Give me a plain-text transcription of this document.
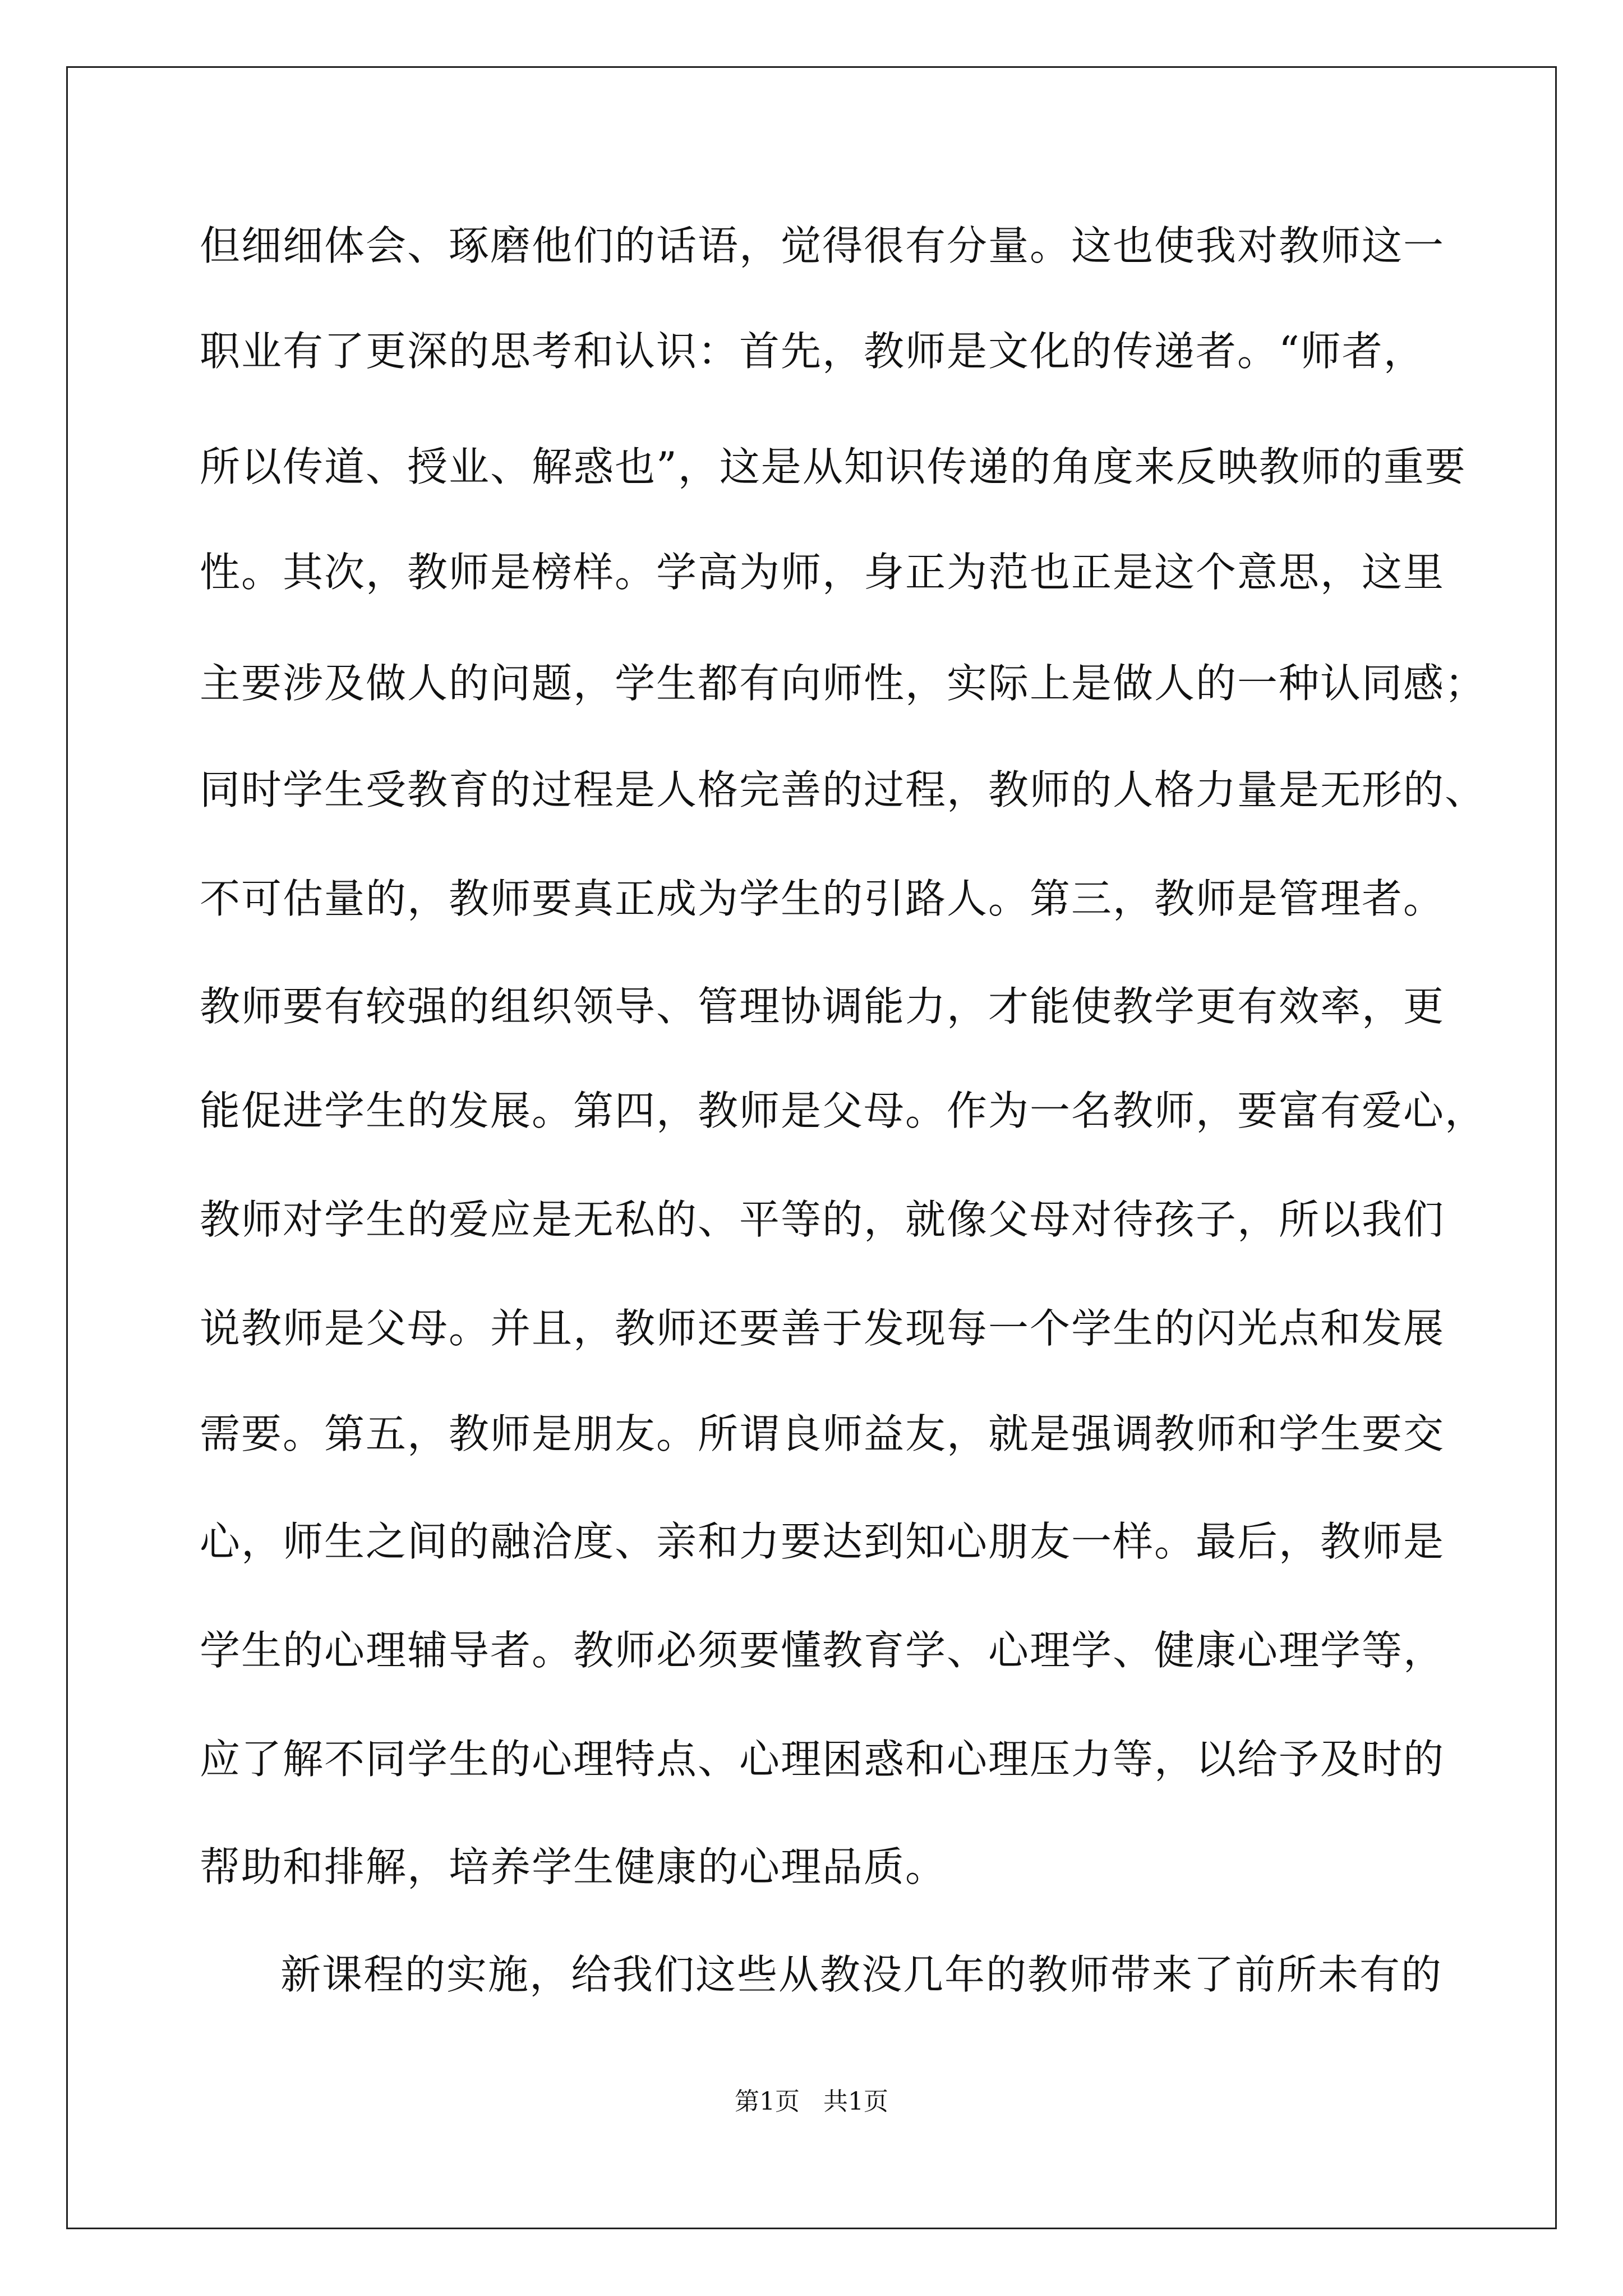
但细细体会、琢磨他们的话语，觉得很有分量。这也使我对教师这一
职业有了更深的思考和认识：首先，教师是文化的传递者。“师者，
所以传道、授业、解惑也”，这是从知识传递的角度来反映教师的重要
性。其次，教师是榜样。学高为师，身正为范也正是这个意思，这里
主要涉及做人的问题，学生都有向师性，实际上是做人的一种认同感；
同时学生受教育的过程是人格完善的过程，教师的人格力量是无形的、
不可估量的，教师要真正成为学生的引路人。第三，教师是管理者。
教师要有较强的组织领导、管理协调能力，才能使教学更有效率，更
能促进学生的发展。第四，教师是父母。作为一名教师，要富有爱心，
教师对学生的爱应是无私的、平等的，就像父母对待孩子，所以我们
说教师是父母。并且，教师还要善于发现每一个学生的闪光点和发展
需要。第五，教师是朋友。所谓良师益友，就是强调教师和学生要交
心，师生之间的融洽度、亲和力要达到知心朋友一样。最后，教师是
学生的心理辅导者。教师必须要懂教育学、心理学、健康心理学等，
应了解不同学生的心理特点、心理困惑和心理压力等，以给予及时的
帮助和排解，培养学生健康的心理品质。
新课程的实施，给我们这些从教没几年的教师带来了前所未有的
第1页   共1页
